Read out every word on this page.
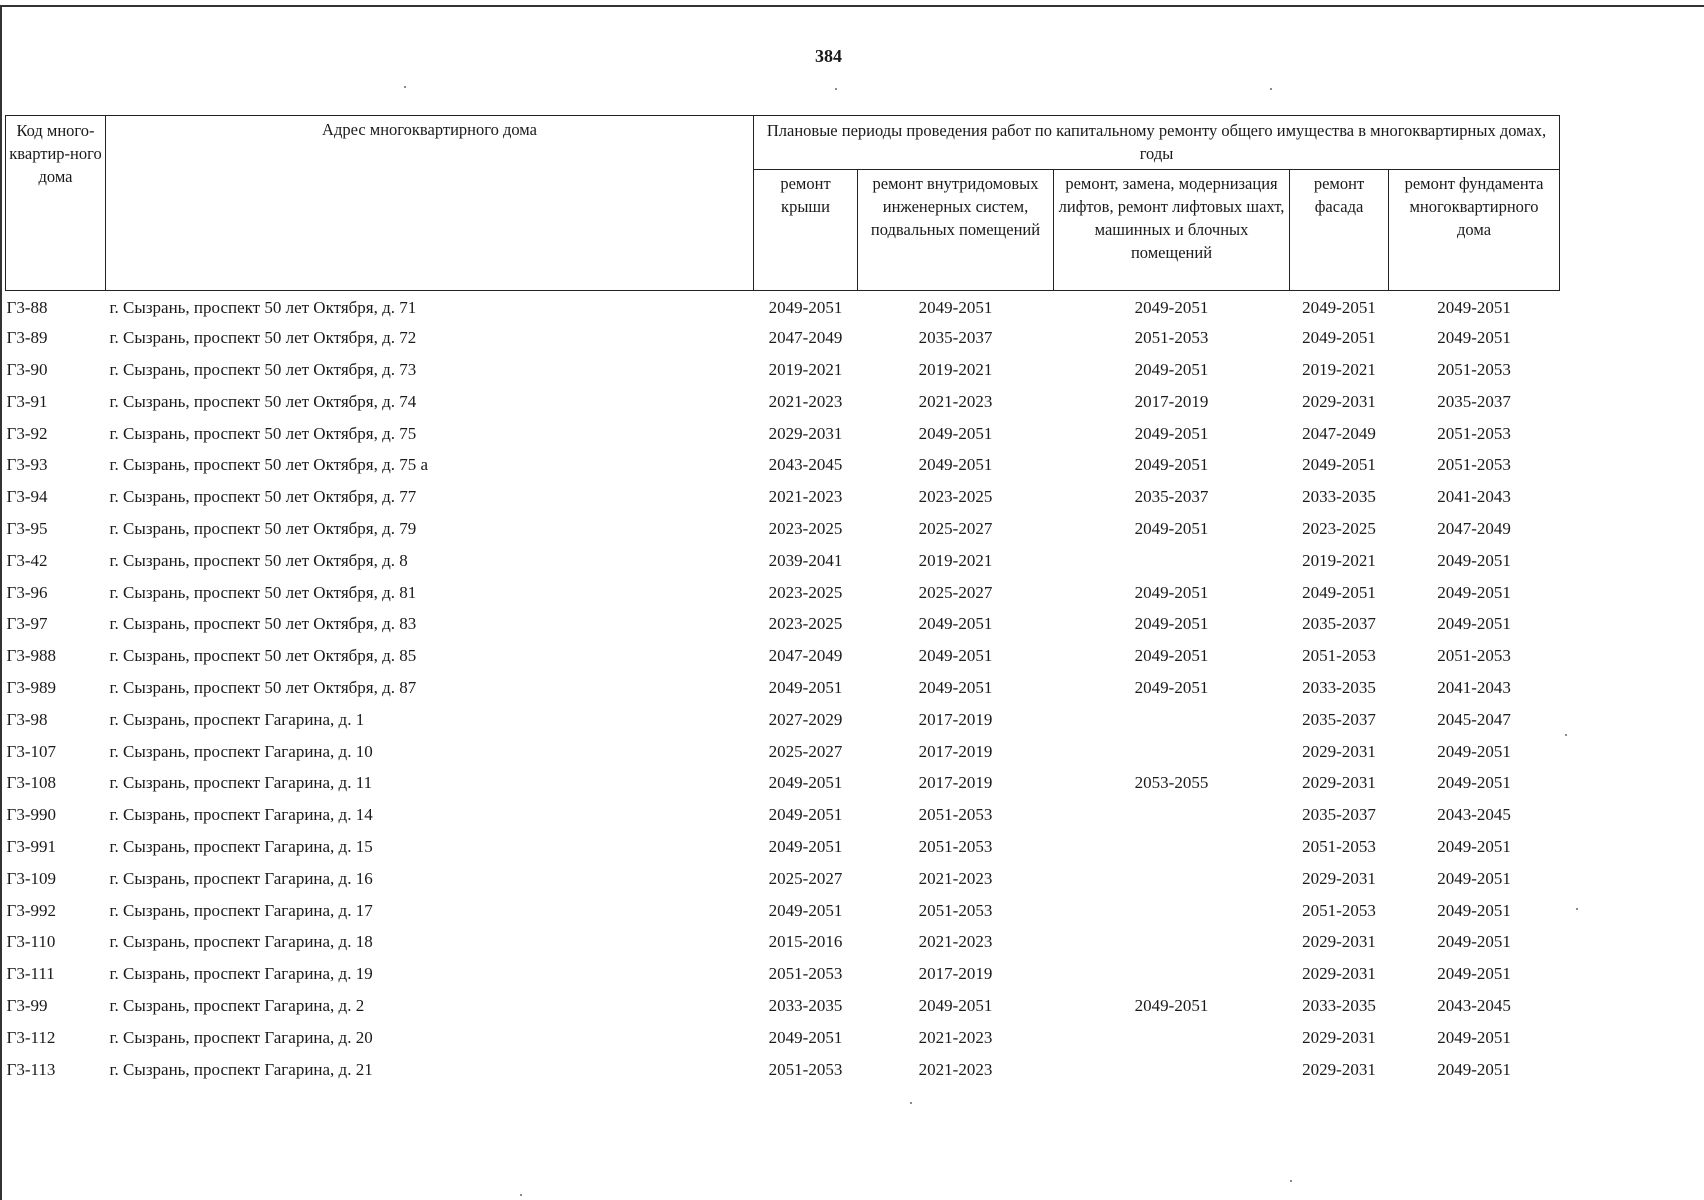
384
Код много-квартир-ного дома	Адрес многоквартирного дома	Плановые периоды проведения работ по капитальному ремонту общего имущества в многоквартирных домах, годы				
		ремонт крыши	ремонт внутридомовых инженерных систем, подвальных помещений	ремонт, замена, модернизация лифтов, ремонт лифтовых шахт, машинных и блочных помещений	ремонт фасада	ремонт фундамента многоквартирного дома
Г3-88	г. Сызрань, проспект 50 лет Октября, д. 71	2049-2051	2049-2051	2049-2051	2049-2051	2049-2051
Г3-89	г. Сызрань, проспект 50 лет Октября, д. 72	2047-2049	2035-2037	2051-2053	2049-2051	2049-2051
Г3-90	г. Сызрань, проспект 50 лет Октября, д. 73	2019-2021	2019-2021	2049-2051	2019-2021	2051-2053
Г3-91	г. Сызрань, проспект 50 лет Октября, д. 74	2021-2023	2021-2023	2017-2019	2029-2031	2035-2037
Г3-92	г. Сызрань, проспект 50 лет Октября, д. 75	2029-2031	2049-2051	2049-2051	2047-2049	2051-2053
Г3-93	г. Сызрань, проспект 50 лет Октября, д. 75 а	2043-2045	2049-2051	2049-2051	2049-2051	2051-2053
Г3-94	г. Сызрань, проспект 50 лет Октября, д. 77	2021-2023	2023-2025	2035-2037	2033-2035	2041-2043
Г3-95	г. Сызрань, проспект 50 лет Октября, д. 79	2023-2025	2025-2027	2049-2051	2023-2025	2047-2049
Г3-42	г. Сызрань, проспект 50 лет Октября, д. 8	2039-2041	2019-2021		2019-2021	2049-2051
Г3-96	г. Сызрань, проспект 50 лет Октября, д. 81	2023-2025	2025-2027	2049-2051	2049-2051	2049-2051
Г3-97	г. Сызрань, проспект 50 лет Октября, д. 83	2023-2025	2049-2051	2049-2051	2035-2037	2049-2051
Г3-988	г. Сызрань, проспект 50 лет Октября, д. 85	2047-2049	2049-2051	2049-2051	2051-2053	2051-2053
Г3-989	г. Сызрань, проспект 50 лет Октября, д. 87	2049-2051	2049-2051	2049-2051	2033-2035	2041-2043
Г3-98	г. Сызрань, проспект Гагарина, д. 1	2027-2029	2017-2019		2035-2037	2045-2047
Г3-107	г. Сызрань, проспект Гагарина, д. 10	2025-2027	2017-2019		2029-2031	2049-2051
Г3-108	г. Сызрань, проспект Гагарина, д. 11	2049-2051	2017-2019	2053-2055	2029-2031	2049-2051
Г3-990	г. Сызрань, проспект Гагарина, д. 14	2049-2051	2051-2053		2035-2037	2043-2045
Г3-991	г. Сызрань, проспект Гагарина, д. 15	2049-2051	2051-2053		2051-2053	2049-2051
Г3-109	г. Сызрань, проспект Гагарина, д. 16	2025-2027	2021-2023		2029-2031	2049-2051
Г3-992	г. Сызрань, проспект Гагарина, д. 17	2049-2051	2051-2053		2051-2053	2049-2051
Г3-110	г. Сызрань, проспект Гагарина, д. 18	2015-2016	2021-2023		2029-2031	2049-2051
Г3-111	г. Сызрань, проспект Гагарина, д. 19	2051-2053	2017-2019		2029-2031	2049-2051
Г3-99	г. Сызрань, проспект Гагарина, д. 2	2033-2035	2049-2051	2049-2051	2033-2035	2043-2045
Г3-112	г. Сызрань, проспект Гагарина, д. 20	2049-2051	2021-2023		2029-2031	2049-2051
Г3-113	г. Сызрань, проспект Гагарина, д. 21	2051-2053	2021-2023		2029-2031	2049-2051
